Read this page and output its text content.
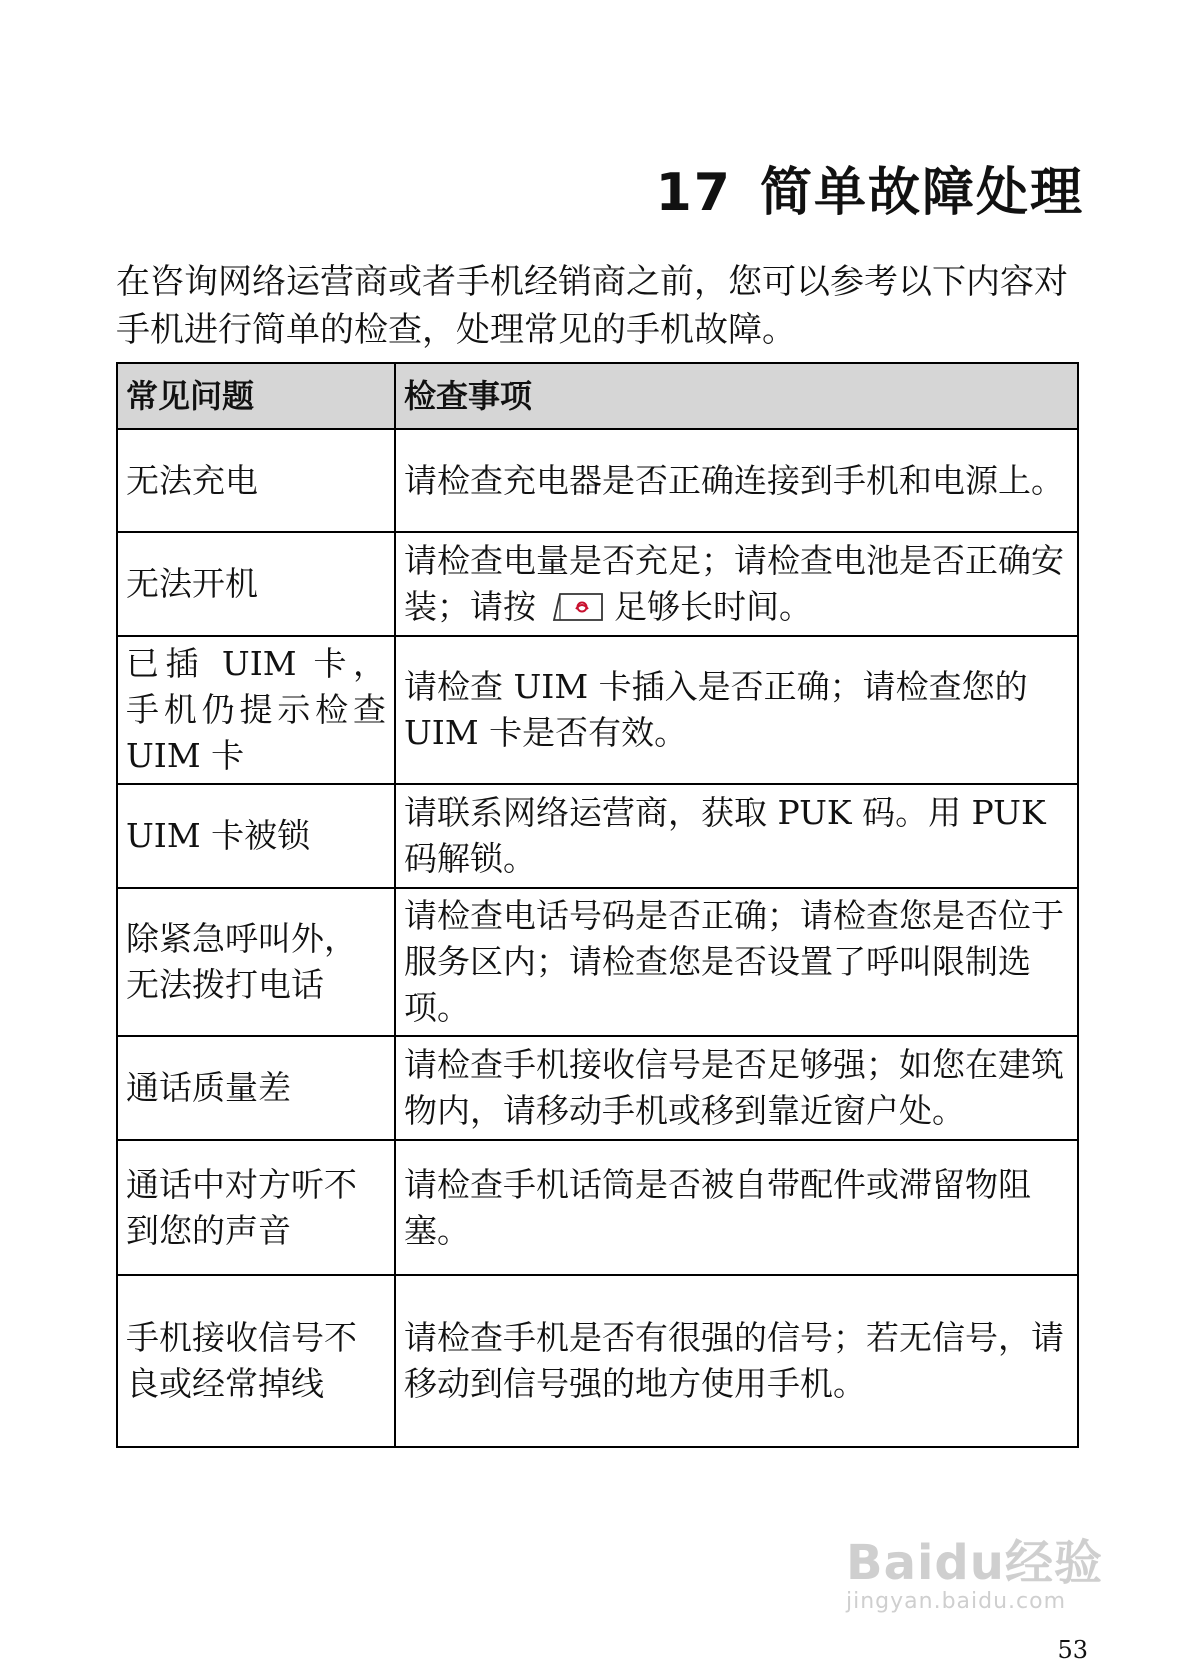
17 简单故障处理

在咨询网络运营商或者手机经销商之前，您可以参考以下内容对手机进行简单的检查，处理常见的手机故障。

常见问题	检查事项
无法充电	请检查充电器是否正确连接到手机和电源上。
无法开机	请检查电量是否充足；请检查电池是否正确安装；请按 足够长时间。
已插 UIM 卡，手机仍提示检查 UIM 卡	请检查 UIM 卡插入是否正确；请检查您的 UIM 卡是否有效。
UIM 卡被锁	请联系网络运营商，获取 PUK 码。用 PUK 码解锁。
除紧急呼叫外，无法拨打电话	请检查电话号码是否正确；请检查您是否位于服务区内；请检查您是否设置了呼叫限制选项。
通话质量差	请检查手机接收信号是否足够强；如您在建筑物内，请移动手机或移到靠近窗户处。
通话中对方听不到您的声音	请检查手机话筒是否被自带配件或滞留物阻塞。
手机接收信号不良或经常掉线	请检查手机是否有很强的信号；若无信号，请移动到信号强的地方使用手机。
Baidu经验
jingyan.baidu.com
53
